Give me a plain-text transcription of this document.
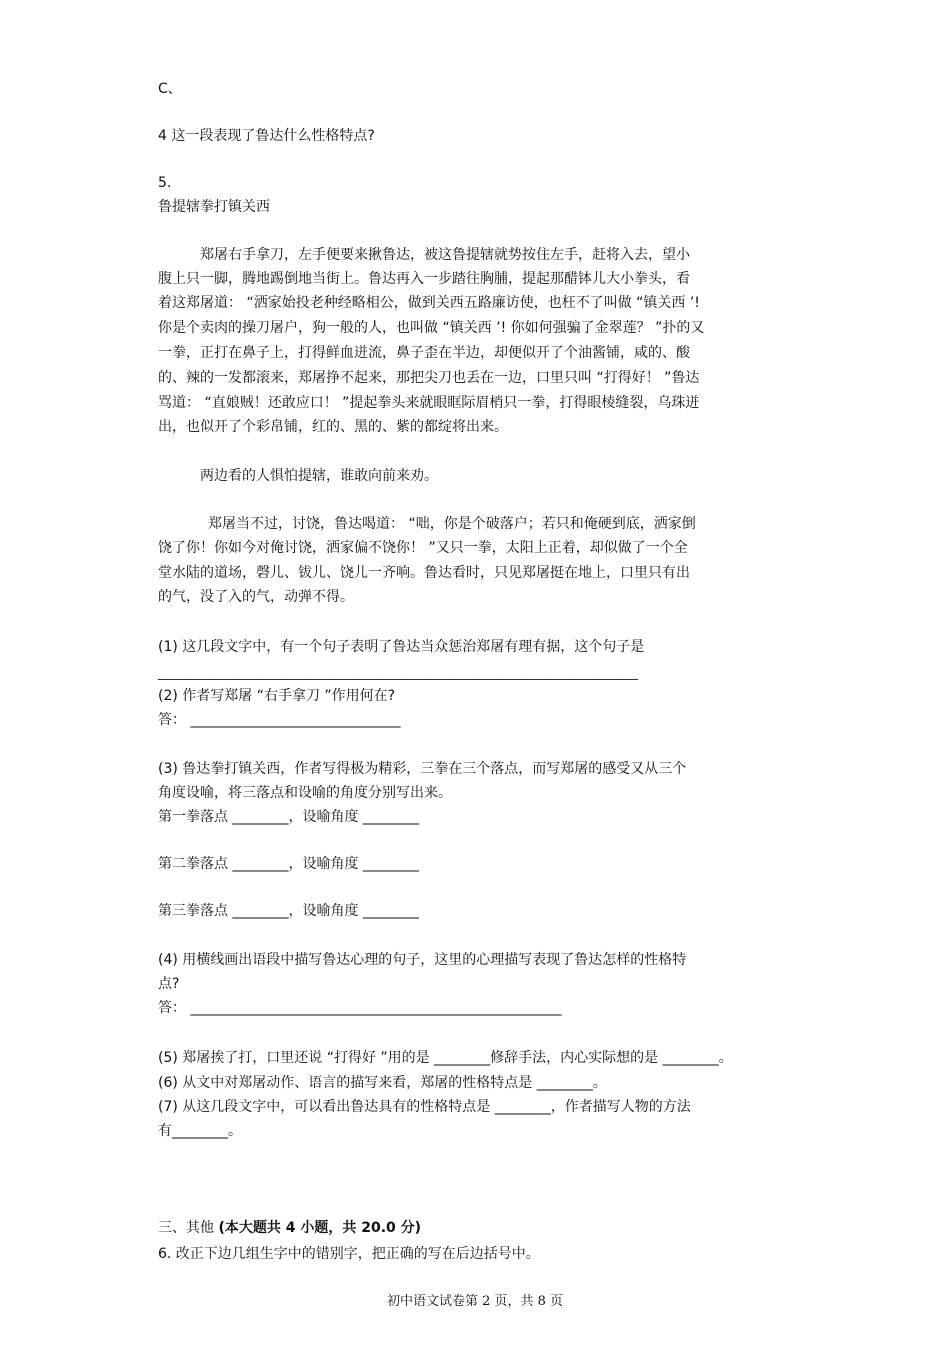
C、
4 这一段表现了鲁达什么性格特点?
5.
鲁提辖拳打镇关西
郑屠右手拿刀，左手便要来揪鲁达，被这鲁提辖就势按住左手，赶将入去，望小
腹上只一脚，腾地踢倒地当街上。鲁达再入一步踏往胸脯，提起那醋钵儿大小拳头，看
着这郑屠道： “洒家始投老种经略相公，做到关西五路廉访使，也枉不了叫做 “镇关西 ’!
你是个卖肉的操刀屠户，狗一般的人，也叫做 “镇关西 ’! 你如何强骗了金翠莲？ ”扑的又
一拳，正打在鼻子上，打得鲜血迸流，鼻子歪在半边，却便似开了个油酱铺，咸的、酸
的、辣的一发都滚来，郑屠挣不起来，那把尖刀也丢在一边，口里只叫 “打得好！ ”鲁达
骂道： “直娘贼！还敢应口！ ”提起拳头来就眼眶际眉梢只一拳，打得眼棱缝裂，乌珠迸
出，也似开了个彩帛铺，红的、黑的、紫的都绽将出来。
两边看的人惧怕提辖，谁敢向前来劝。
郑屠当不过，讨饶，鲁达喝道： “咄，你是个破落户；若只和俺硬到底，洒家倒
饶了你！你如今对俺讨饶，洒家偏不饶你！ ”又只一拳，太阳上正着，却似做了一个全
堂水陆的道场，磬儿、钹儿、饶儿一齐响。鲁达看时，只见郑屠挺在地上，口里只有出
的气，没了入的气，动弹不得。
(1) 这几段文字中，有一个句子表明了鲁达当众惩治郑屠有理有据，这个句子是
________________________________________________________________________________
(2) 作者写郑屠 “右手拿刀 ”作用何在?
答： ______________________________
(3) 鲁达拳打镇关西，作者写得极为精彩，三拳在三个落点，而写郑屠的感受又从三个
角度设喻，将三落点和设喻的角度分别写出来。
第一拳落点 ________，设喻角度 ________
第二拳落点 ________，设喻角度 ________
第三拳落点 ________，设喻角度 ________
(4) 用横线画出语段中描写鲁达心理的句子，这里的心理描写表现了鲁达怎样的性格特
点?
答： _____________________________________________________
(5) 郑屠挨了打，口里还说 “打得好 ”用的是 ________修辞手法，内心实际想的是 ________。
(6) 从文中对郑屠动作、语言的描写来看，郑屠的性格特点是 ________。
(7) 从这几段文字中，可以看出鲁达具有的性格特点是 ________，作者描写人物的方法
有________。
三、其他 (本大题共 4 小题，共 20.0 分)
6. 改正下边几组生字中的错别字，把正确的写在后边括号中。
初中语文试卷第 2 页，共 8 页
